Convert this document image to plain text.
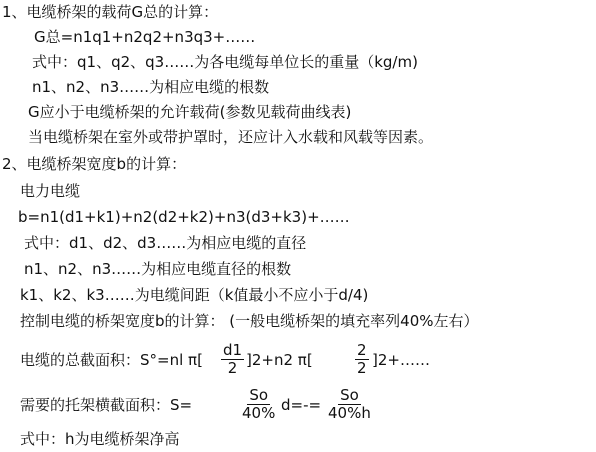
1、电缆桥架的载荷G总的计算：
G总=n1q1+n2q2+n3q3+……
式中：q1、q2、q3……为各电缆每单位长的重量（kg/m)
n1、n2、n3……为相应电缆的根数
G应小于电缆桥架的允许载荷(参数见载荷曲线表)
当电缆桥架在室外或带护罩时，还应计入水载和风载等因素。
2、电缆桥架宽度b的计算：
电力电缆
b=n1(d1+k1)+n2(d2+k2)+n3(d3+k3)+……
式中：d1、d2、d3……为相应电缆的直径
n1、n2、n3……为相应电缆直径的根数
k1、k2、k3……为电缆间距（k值最小不应小于d/4)
控制电缆的桥架宽度b的计算： (一般电缆桥架的填充率列40%左右）
电缆的总截面积：S°=nl $\pi[ \frac{d1}{2} ]2+n2$ π[	$\frac{2}{2}$ ]2+……
需要的托架横截面积：S=	$\frac{So}{40\%} d=-= \frac{So}{40\%h}$
式中：h为电缆桥架净高
